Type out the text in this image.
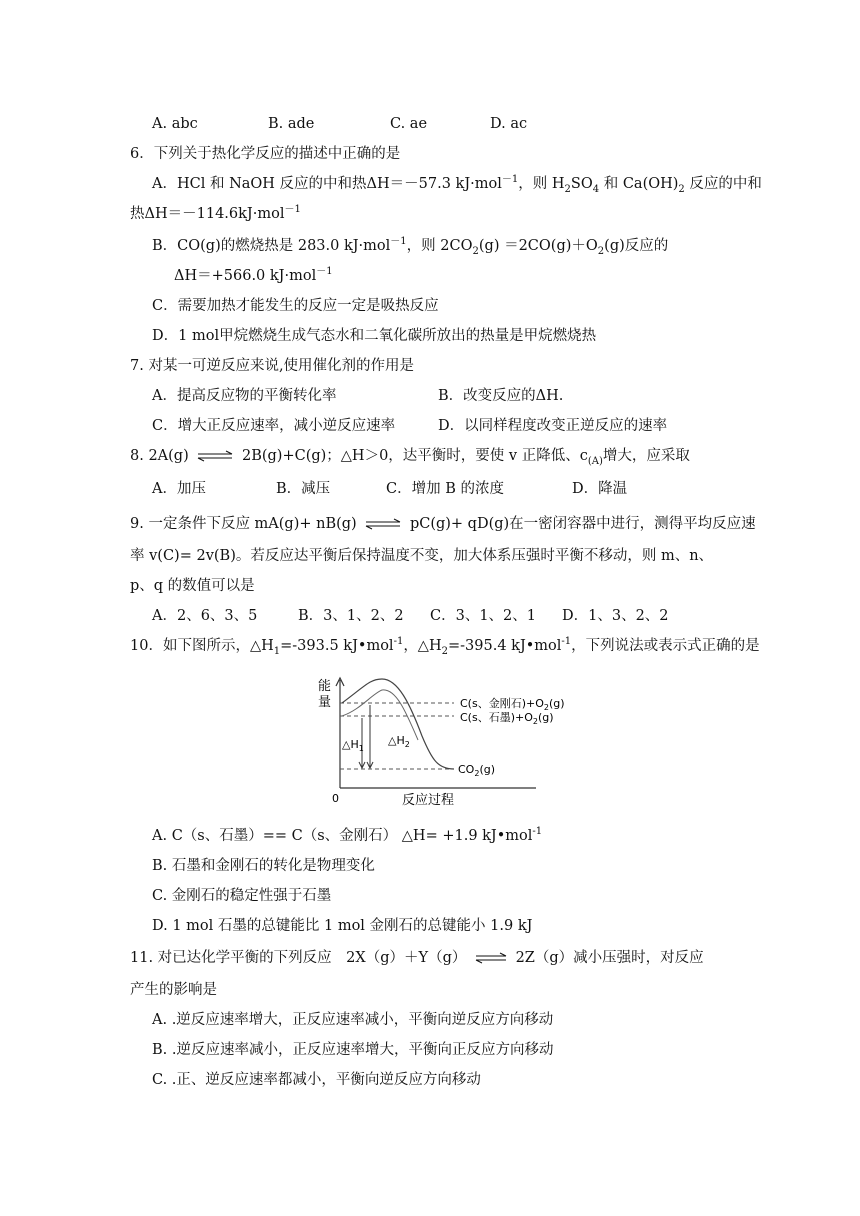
A. abc	B. ade	C. ae	D. ac
6．下列关于热化学反应的描述中正确的是
A．HCl 和 NaOH 反应的中和热ΔH＝－57.3 kJ·mol$^{-1}$，则 $H_2SO_4$ 和 $Ca(OH)_2$ 反应的中和
热ΔH＝－114.6kJ·mol$^{-1}$
B．CO(g)的燃烧热是 283.0 kJ·mol$^{-1}$，则 $2CO_2(g) =2CO(g)+O_2(g)$反应的
ΔH＝+566.0 kJ·mol$^{-1}$
C．需要加热才能发生的反应一定是吸热反应
D．1 mol甲烷燃烧生成气态水和二氧化碳所放出的热量是甲烷燃烧热
7. 对某一可逆反应来说,使用催化剂的作用是
A．提高反应物的平衡转化率	B．改变反应的ΔH.
C．增大正反应速率，减小逆反应速率	D．以同样程度改变正逆反应的速率
8. 2A(g) ⇌ 2B(g)+C(g)；△H＞0，达平衡时，要使 v 正降低、$c_{(A)}$增大，应采取
A．加压	B．减压	C．增加 B 的浓度	D．降温
9. 一定条件下反应 mA(g)+ nB(g) ⇌ pC(g)+ qD(g)在一密闭容器中进行，测得平均反应速
率 v(C)= 2v(B)。若反应达平衡后保持温度不变，加大体系压强时平衡不移动，则 m、n、
p、q 的数值可以是
A．2、6、3、5	B．3、1、2、2 C．3、1、2、1 D．1、3、2、2
10．如下图所示，$\triangle H_1=-393.5$ kJ•mol$^{-1}$，$\triangle H_2=-395.4$ kJ•mol$^{-1}$，下列说法或表示式正确的是
能
量
0	反应过程
$\triangle H_1$
$\triangle H_2$
C(s、金刚石)$+O_2(g)$
C(s、石墨)$+O_2(g)$
$CO_2(g)$
A. C（s、石墨）== C（s、金刚石） △H= +1.9 kJ•mol$^{-1}$
B. 石墨和金刚石的转化是物理变化
C. 金刚石的稳定性强于石墨
D. 1 mol 石墨的总键能比 1 mol 金刚石的总键能小 1.9 kJ
11. 对已达化学平衡的下列反应　2X（g）＋Y（g） ⇌ 2Z（g）减小压强时，对反应
产生的影响是
A. .逆反应速率增大，正反应速率减小，平衡向逆反应方向移动
B. .逆反应速率减小，正反应速率增大，平衡向正反应方向移动
C. .正、逆反应速率都减小，平衡向逆反应方向移动
